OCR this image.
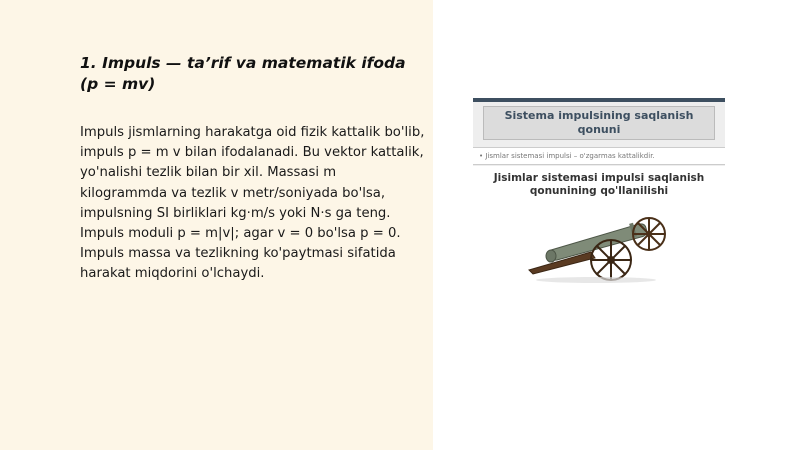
1. Impuls — ta’rif va matematik ifoda (p = mv)

Impuls jismlarning harakatga oid fizik kattalik bo'lib, impuls p = m v bilan ifodalanadi. Bu vektor kattalik, yo'nalishi tezlik bilan bir xil. Massasi m kilogrammda va tezlik v metr/soniyada bo'lsa, impulsning SI birliklari kg·m/s yoki N·s ga teng. Impuls moduli p = m|v|; agar v = 0 bo'lsa p = 0. Impuls massa va tezlikning ko'paytmasi sifatida harakat miqdorini o'lchaydi.

Sistema impulsining saqlanish qonuni
• Jismlar sistemasi impulsi – o'zgarmas kattalikdir.
Jisimlar sistemasi impulsi saqlanish qonunining qo'llanilishi
